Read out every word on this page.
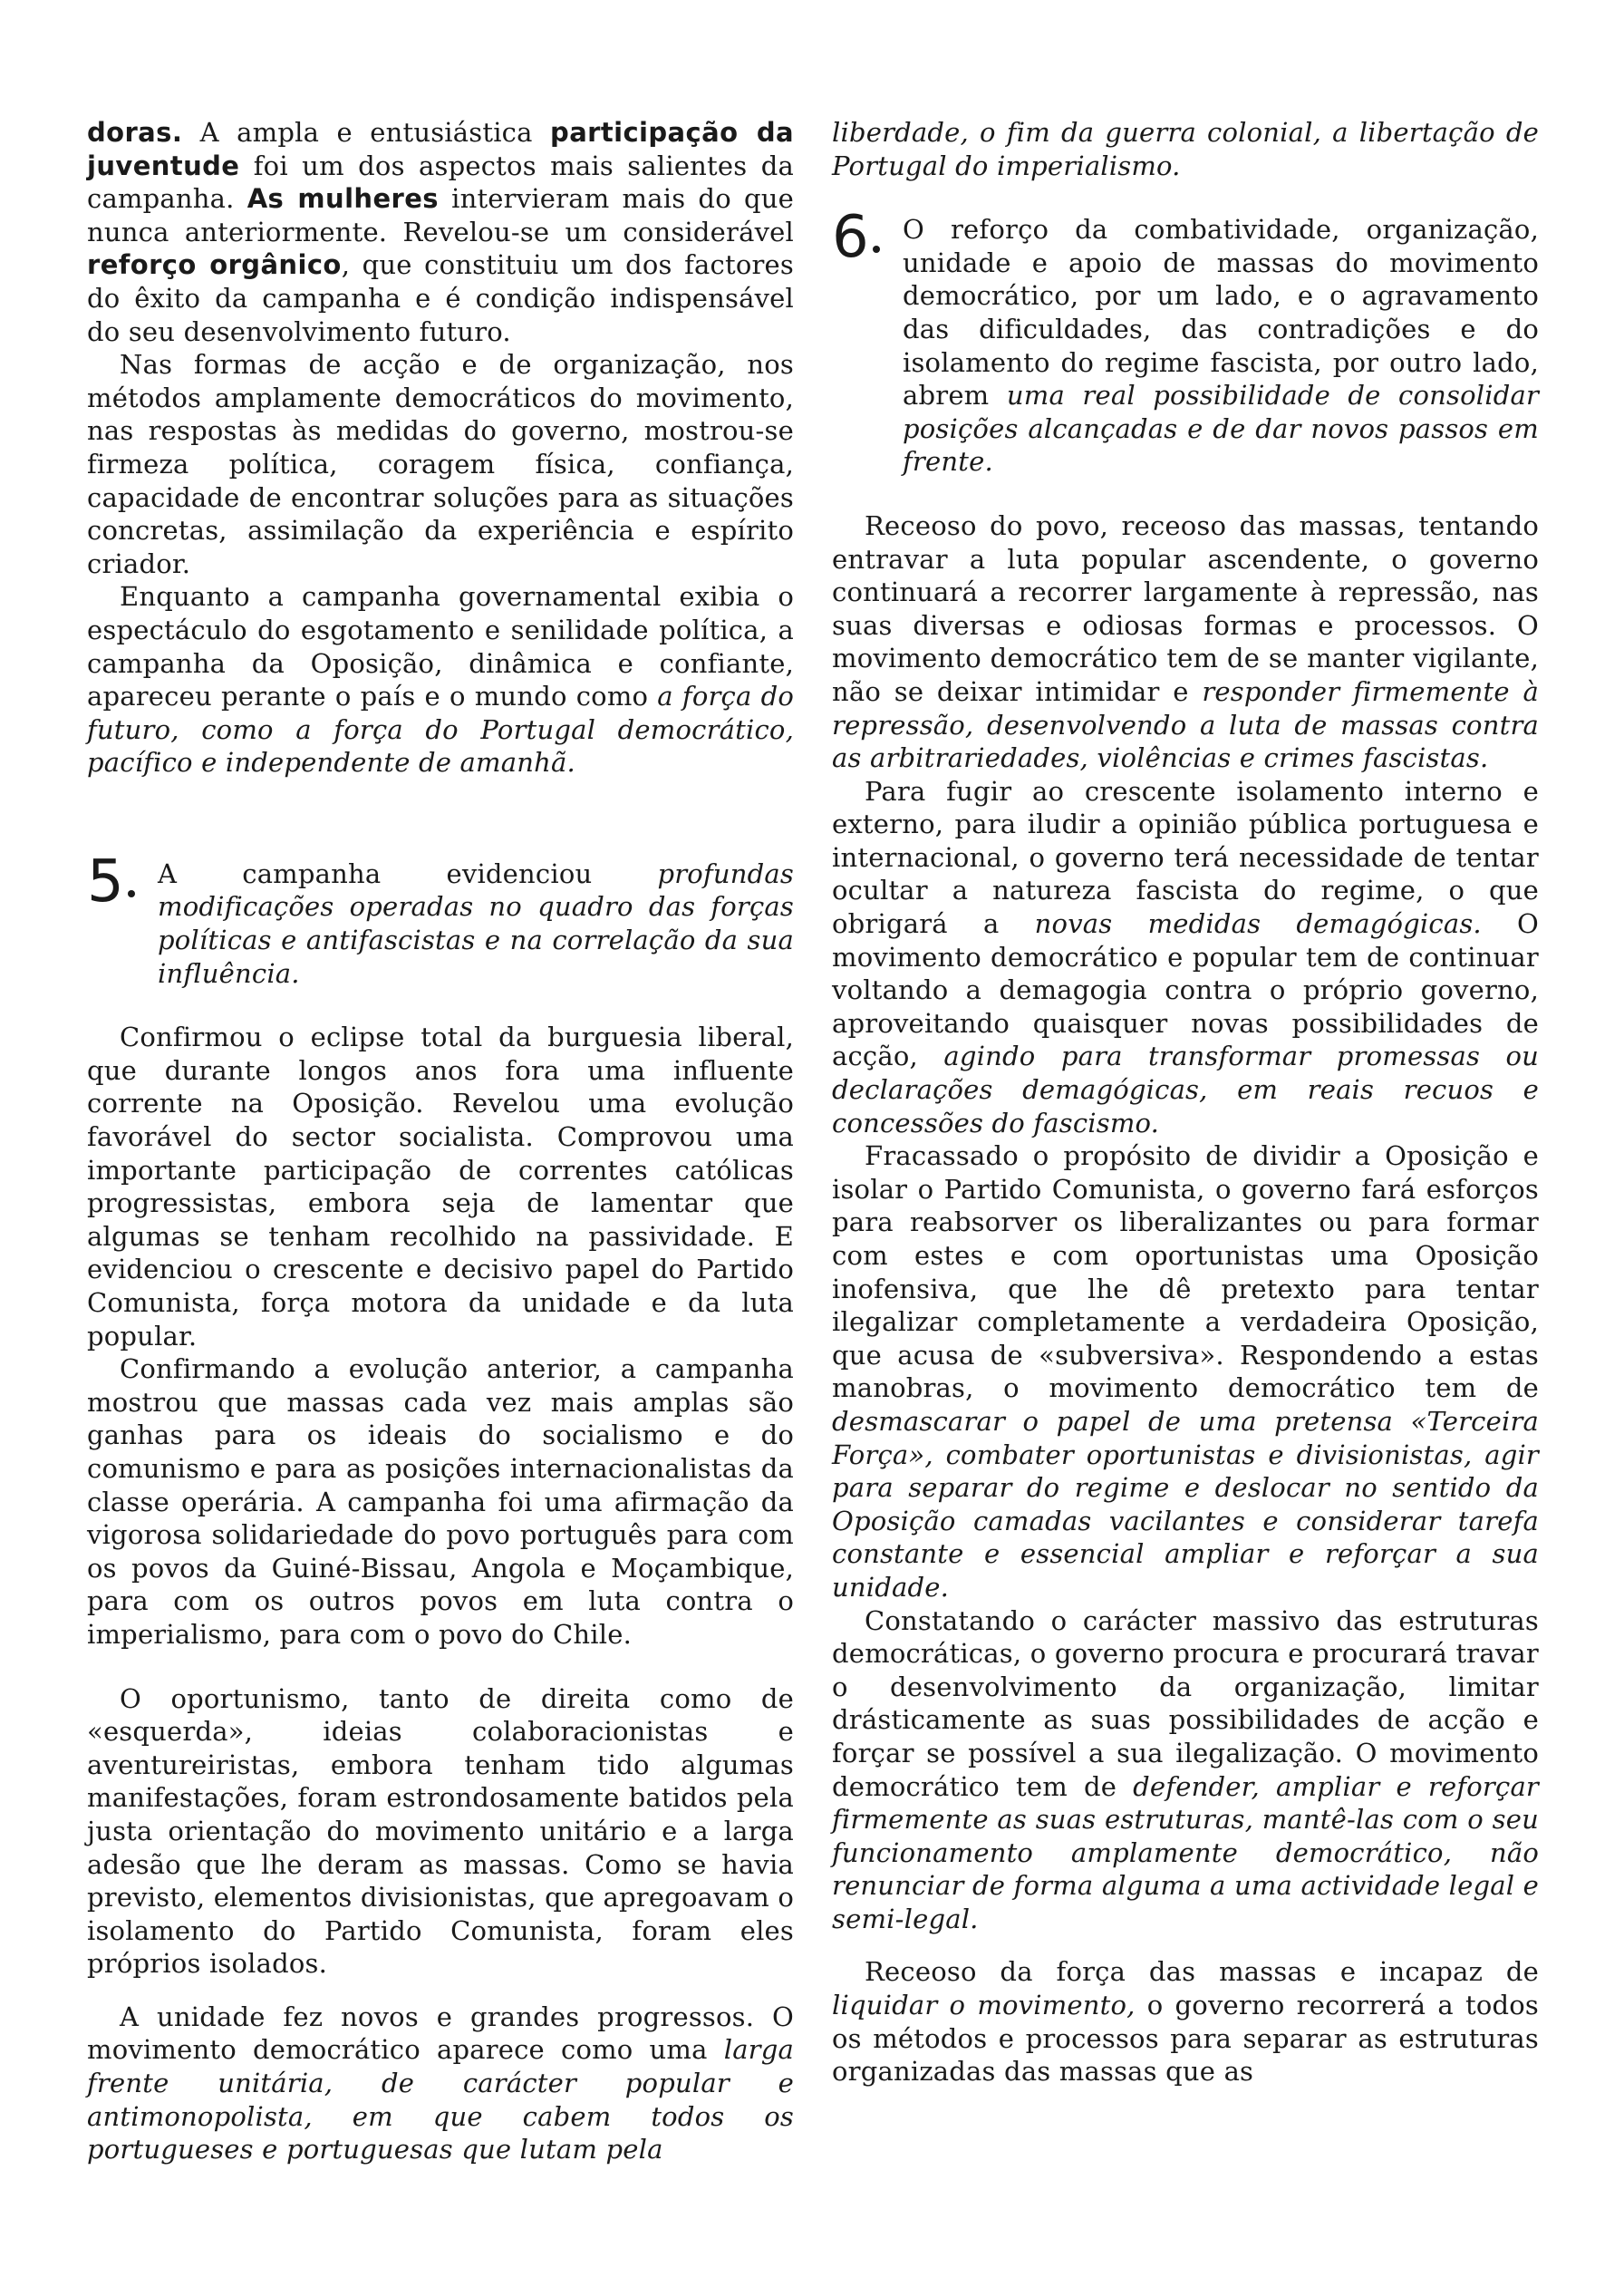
doras. A ampla e entusiástica participação da juventude foi um dos aspectos mais salientes da campanha. As mulheres intervieram mais do que nunca anteriormente. Revelou-se um considerável reforço orgânico, que constituiu um dos factores do êxito da campanha e é condição indispensável do seu desenvolvimento futuro.

Nas formas de acção e de organização, nos métodos amplamente democráticos do movimento, nas respostas às medidas do governo, mostrou-se firmeza política, coragem física, confiança, capacidade de encontrar soluções para as situações concretas, assimilação da experiência e espírito criador.

Enquanto a campanha governamental exibia o espectáculo do esgotamento e senilidade política, a campanha da Oposição, dinâmica e confiante, apareceu perante o país e o mundo como a força do futuro, como a força do Portugal democrático, pacífico e independente de amanhã.

5 A campanha evidenciou profundas modificações operadas no quadro das forças políticas e antifascistas e na correlação da sua influência.

Confirmou o eclipse total da burguesia liberal, que durante longos anos fora uma influente corrente na Oposição. Revelou uma evolução favorável do sector socialista. Comprovou uma importante participação de correntes católicas progressistas, embora seja de lamentar que algumas se tenham recolhido na passividade. E evidenciou o crescente e decisivo papel do Partido Comunista, força motora da unidade e da luta popular.

Confirmando a evolução anterior, a campanha mostrou que massas cada vez mais amplas são ganhas para os ideais do socialismo e do comunismo e para as posições internacionalistas da classe operária. A campanha foi uma afirmação da vigorosa solidariedade do povo português para com os povos da Guiné-Bissau, Angola e Moçambique, para com os outros povos em luta contra o imperialismo, para com o povo do Chile.

O oportunismo, tanto de direita como de «esquerda», ideias colaboracionistas e aventureiristas, embora tenham tido algumas manifestações, foram estrondosamente batidos pela justa orientação do movimento unitário e a larga adesão que lhe deram as massas. Como se havia previsto, elementos divisionistas, que apregoavam o isolamento do Partido Comunista, foram eles próprios isolados.

A unidade fez novos e grandes progressos. O movimento democrático aparece como uma larga frente unitária, de carácter popular e antimonopolista, em que cabem todos os portugueses e portuguesas que lutam pela

liberdade, o fim da guerra colonial, a libertação de Portugal do imperialismo.

6 O reforço da combatividade, organização, unidade e apoio de massas do movimento democrático, por um lado, e o agravamento das dificuldades, das contradições e do isolamento do regime fascista, por outro lado, abrem uma real possibilidade de consolidar posições alcançadas e de dar novos passos em frente.

Receoso do povo, receoso das massas, tentando entravar a luta popular ascendente, o governo continuará a recorrer largamente à repressão, nas suas diversas e odiosas formas e processos. O movimento democrático tem de se manter vigilante, não se deixar intimidar e responder firmemente à repressão, desenvolvendo a luta de massas contra as arbitrariedades, violências e crimes fascistas.

Para fugir ao crescente isolamento interno e externo, para iludir a opinião pública portuguesa e internacional, o governo terá necessidade de tentar ocultar a natureza fascista do regime, o que obrigará a novas medidas demagógicas. O movimento democrático e popular tem de continuar voltando a demagogia contra o próprio governo, aproveitando quaisquer novas possibilidades de acção, agindo para transformar promessas ou declarações demagógicas, em reais recuos e concessões do fascismo.

Fracassado o propósito de dividir a Oposição e isolar o Partido Comunista, o governo fará esforços para reabsorver os liberalizantes ou para formar com estes e com oportunistas uma Oposição inofensiva, que lhe dê pretexto para tentar ilegalizar completamente a verdadeira Oposição, que acusa de «subversiva». Respondendo a estas manobras, o movimento democrático tem de desmascarar o papel de uma pretensa «Terceira Força», combater oportunistas e divisionistas, agir para separar do regime e deslocar no sentido da Oposição camadas vacilantes e considerar tarefa constante e essencial ampliar e reforçar a sua unidade.

Constatando o carácter massivo das estruturas democráticas, o governo procura e procurará travar o desenvolvimento da organização, limitar drásticamente as suas possibilidades de acção e forçar se possível a sua ilegalização. O movimento democrático tem de defender, ampliar e reforçar firmemente as suas estruturas, mantê-las com o seu funcionamento amplamente democrático, não renunciar de forma alguma a uma actividade legal e semi-legal.

Receoso da força das massas e incapaz de liquidar o movimento, o governo recorrerá a todos os métodos e processos para separar as estruturas organizadas das massas que as
